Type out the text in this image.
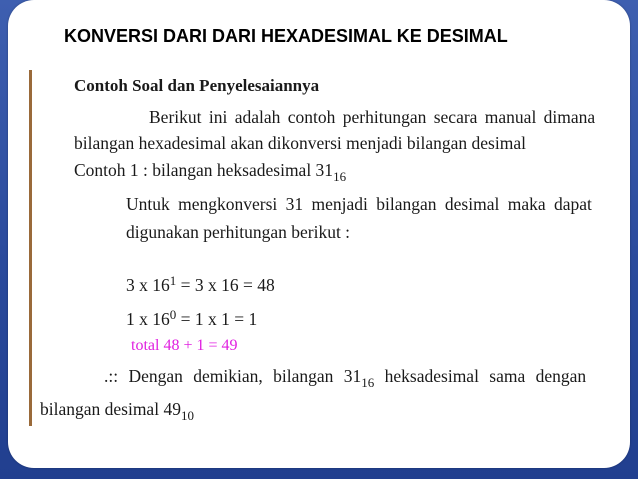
KONVERSI DARI DARI HEXADESIMAL KE DESIMAL
Contoh Soal dan Penyelesaiannya
Berikut ini adalah contoh perhitungan secara manual dimana
bilangan hexadesimal akan dikonversi menjadi bilangan desimal
Contoh 1 : bilangan heksadesimal $31_{16}$
Untuk mengkonversi 31 menjadi bilangan desimal maka dapat
digunakan perhitungan berikut :
3 x $16^1 = 3$ x 16 = 48
1 x $16^0 = 1$ x 1 = 1
total 48 + 1 = 49
.:: Dengan demikian, bilangan $31_{16}$ heksadesimal sama dengan
bilangan desimal $49_{10}$
